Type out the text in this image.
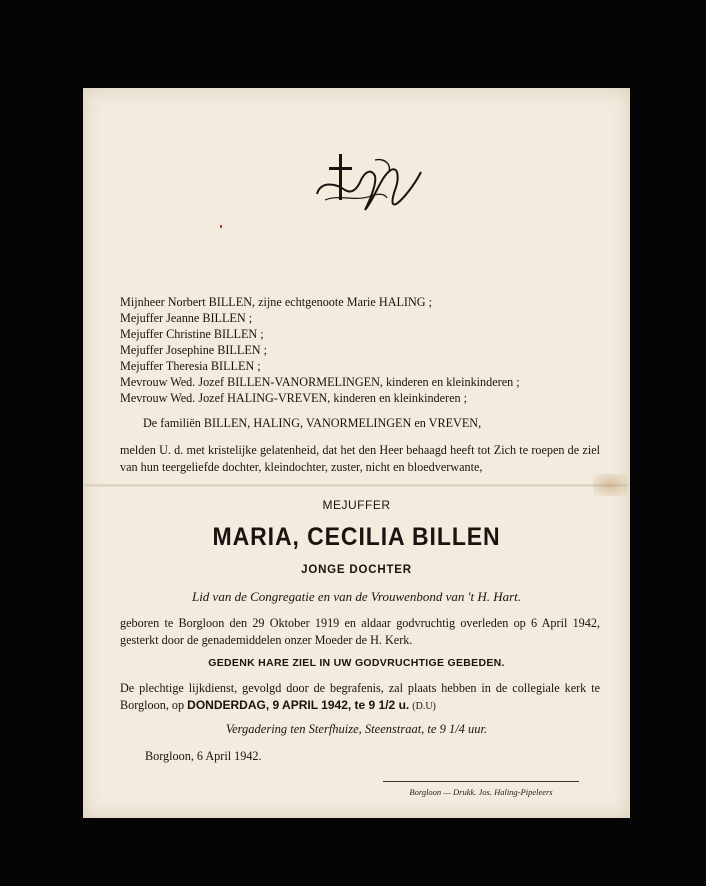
Mijnheer Norbert BILLEN, zijne echtgenoote Marie HALING ;
Mejuffer Jeanne BILLEN ;
Mejuffer Christine BILLEN ;
Mejuffer Josephine BILLEN ;
Mejuffer Theresia BILLEN ;
Mevrouw Wed. Jozef BILLEN-VANORMELINGEN, kinderen en kleinkinderen ;
Mevrouw Wed. Jozef HALING-VREVEN, kinderen en kleinkinderen ;
De familiën BILLEN, HALING, VANORMELINGEN en VREVEN,
melden U. d. met kristelijke gelatenheid, dat het den Heer behaagd heeft tot Zich te roepen de ziel van hun teergeliefde dochter, kleindochter, zuster, nicht en bloedverwante,
MEJUFFER
MARIA, CECILIA BILLEN
JONGE DOCHTER
Lid van de Congregatie en van de Vrouwenbond van 't H. Hart.
geboren te Borgloon den 29 Oktober 1919 en aldaar godvruchtig overleden op 6 April 1942, gesterkt door de genademiddelen onzer Moeder de H. Kerk.
GEDENK HARE ZIEL IN UW GODVRUCHTIGE GEBEDEN.
De plechtige lijkdienst, gevolgd door de begrafenis, zal plaats hebben in de collegiale kerk te Borgloon, op DONDERDAG, 9 APRIL 1942, te 9 1/2 u. (D.U)
Vergadering ten Sterfhuize, Steenstraat, te 9 1/4 uur.
Borgloon, 6 April 1942.
Borgloon — Drukk. Jos. Haling-Pipeleers
